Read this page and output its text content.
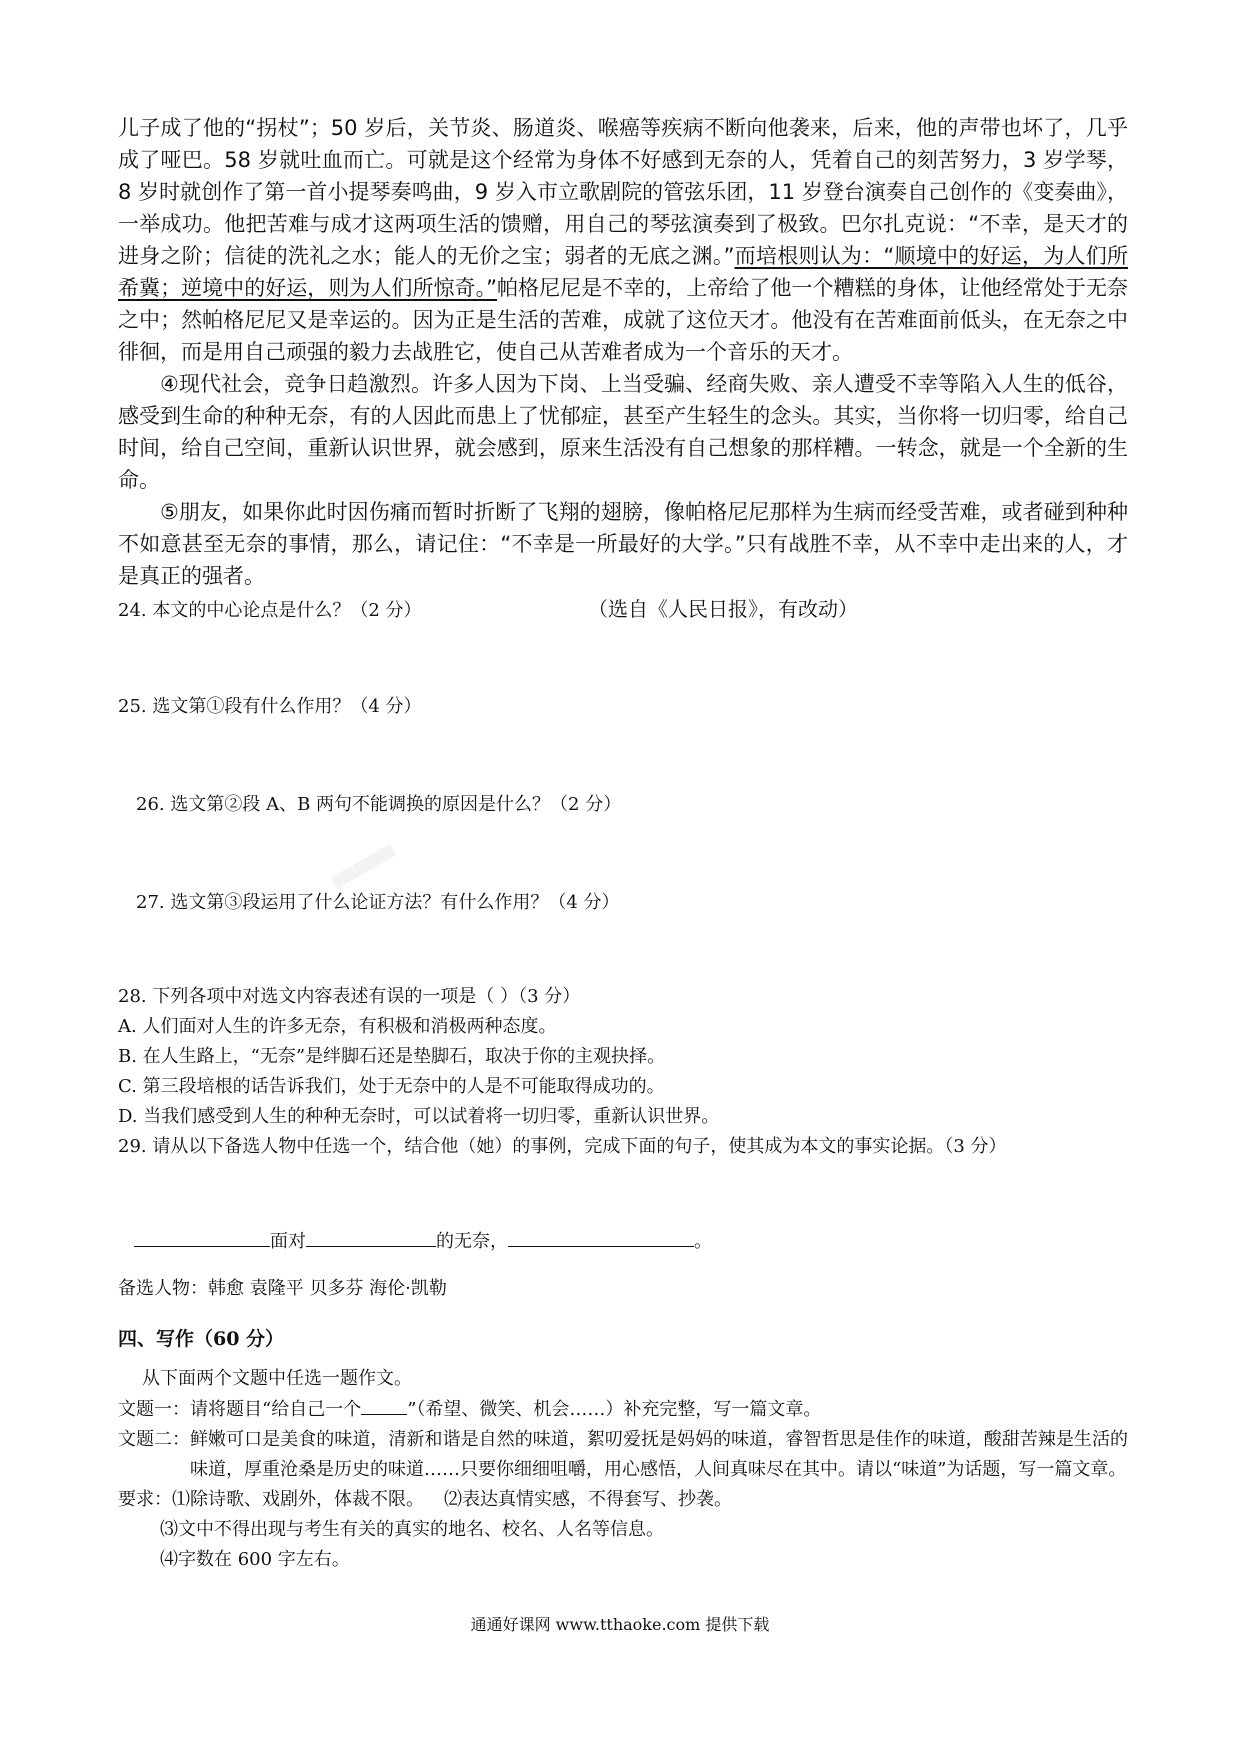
儿子成了他的“拐杖”；50 岁后，关节炎、肠道炎、喉癌等疾病不断向他袭来，后来，他的声带也坏了，几乎成了哑巴。58 岁就吐血而亡。可就是这个经常为身体不好感到无奈的人，凭着自己的刻苦努力，3 岁学琴，8 岁时就创作了第一首小提琴奏鸣曲，9 岁入市立歌剧院的管弦乐团，11 岁登台演奏自己创作的《变奏曲》，一举成功。他把苦难与成才这两项生活的馈赠，用自己的琴弦演奏到了极致。巴尔扎克说：“不幸，是天才的进身之阶；信徒的洗礼之水；能人的无价之宝；弱者的无底之渊。”而培根则认为：“顺境中的好运，为人们所希冀；逆境中的好运，则为人们所惊奇。”帕格尼尼是不幸的，上帝给了他一个糟糕的身体，让他经常处于无奈之中；然帕格尼尼又是幸运的。因为正是生活的苦难，成就了这位天才。他没有在苦难面前低头，在无奈之中徘徊，而是用自己顽强的毅力去战胜它，使自己从苦难者成为一个音乐的天才。

④现代社会，竞争日趋激烈。许多人因为下岗、上当受骗、经商失败、亲人遭受不幸等陷入人生的低谷，感受到生命的种种无奈，有的人因此而患上了忧郁症，甚至产生轻生的念头。其实，当你将一切归零，给自己时间，给自己空间，重新认识世界，就会感到，原来生活没有自己想象的那样糟。一转念，就是一个全新的生命。

⑤朋友，如果你此时因伤痛而暂时折断了飞翔的翅膀，像帕格尼尼那样为生病而经受苦难，或者碰到种种不如意甚至无奈的事情，那么，请记住：“不幸是一所最好的大学。”只有战胜不幸，从不幸中走出来的人，才是真正的强者。

（选自《人民日报》，有改动）
24. 本文的中心论点是什么？（2 分）
25. 选文第①段有什么作用？（4 分）
26. 选文第②段 A、B 两句不能调换的原因是什么？（2 分）
27. 选文第③段运用了什么论证方法？有什么作用？（4 分）
▒▒▒▒▒▒▒▒
28. 下列各项中对选文内容表述有误的一项是（ ）（3 分）
A. 人们面对人生的许多无奈，有积极和消极两种态度。
B. 在人生路上，“无奈”是绊脚石还是垫脚石，取决于你的主观抉择。
C. 第三段培根的话告诉我们，处于无奈中的人是不可能取得成功的。
D. 当我们感受到人生的种种无奈时，可以试着将一切归零，重新认识世界。
29. 请从以下备选人物中任选一个，结合他（她）的事例，完成下面的句子，使其成为本文的事实论据。（3 分）
面对	的无奈，	。
备选人物：韩愈 袁隆平 贝多芬 海伦·凯勒
四、写作（60 分）
从下面两个文题中任选一题作文。
文题一：请将题目“给自己一个	”（希望、微笑、机会……）补充完整，写一篇文章。
文题二： 鲜嫩可口是美食的味道，清新和谐是自然的味道，絮叨爱抚是妈妈的味道，睿智哲思是佳作的味道，酸甜苦辣是生活的味道，厚重沧桑是历史的味道……只要你细细咀嚼，用心感悟，人间真味尽在其中。请以“味道”为话题，写一篇文章。
要求：⑴除诗歌、戏剧外，体裁不限。 ⑵表达真情实感，不得套写、抄袭。
⑶文中不得出现与考生有关的真实的地名、校名、人名等信息。
⑷字数在 600 字左右。
通通好课网 www.tthaoke.com 提供下载
